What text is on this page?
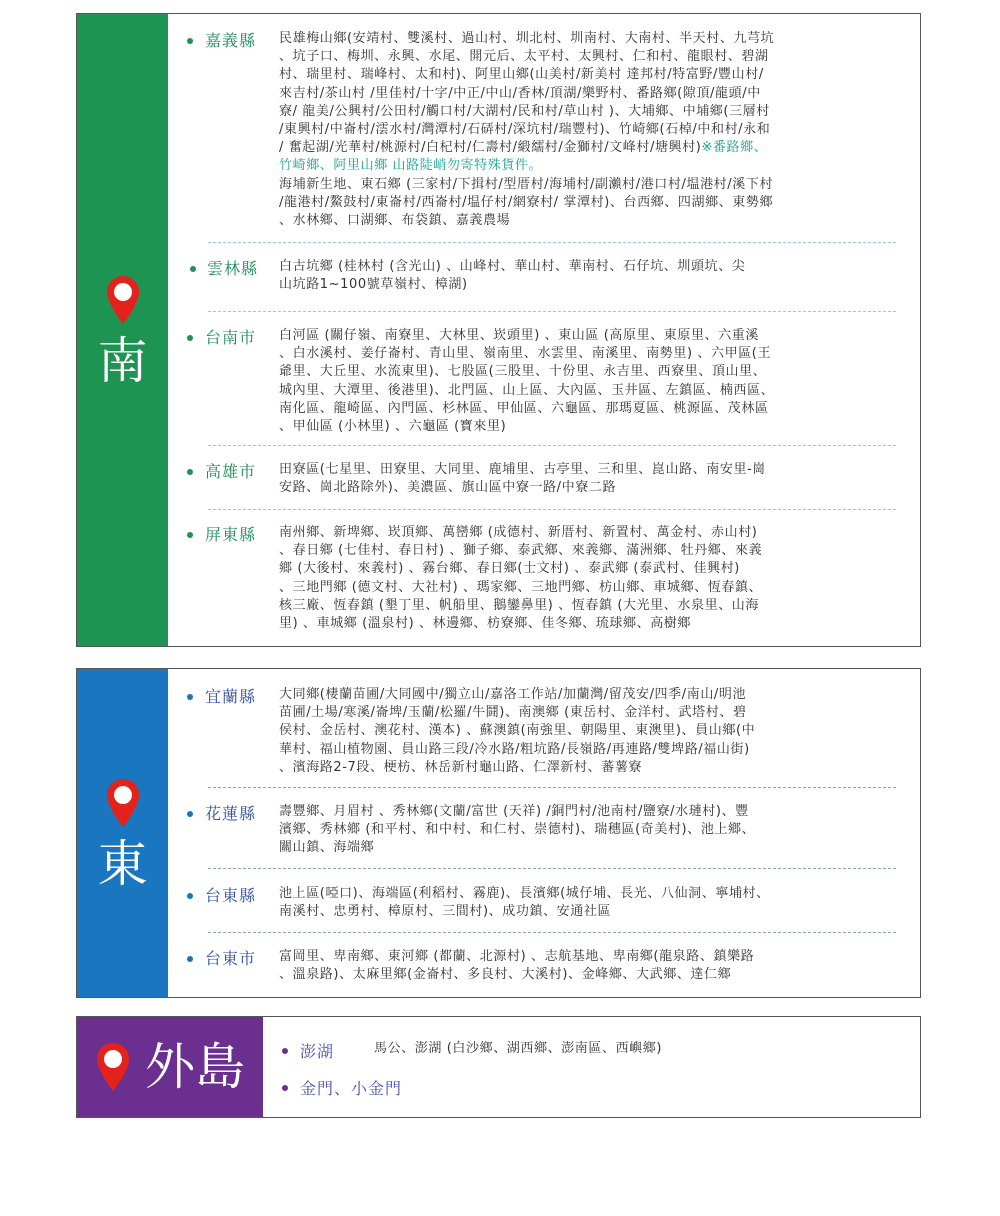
南
嘉義縣 民雄梅山鄉(安靖村、雙溪村、過山村、圳北村、圳南村、大南村、半天村、九芎坑
、坑子口、梅圳、永興、水尾、開元后、太平村、太興村、仁和村、龍眼村、碧湖
村、瑞里村、瑞峰村、太和村)、阿里山鄉(山美村/新美村 達邦村/特富野/豐山村/
來吉村/茶山村 /里佳村/十字/中正/中山/香林/頂湖/樂野村、番路鄉(隙頂/龍頭/中
寮/ 龍美/公興村/公田村/觸口村/大湖村/民和村/草山村 )、大埔鄉、中埔鄉(三層村
/東興村/中崙村/澐水村/灣潭村/石硦村/深坑村/瑞豐村)、竹崎鄉(石棹/中和村/永和
/ 奮起湖/光華村/桃源村/白杞村/仁壽村/緞繻村/金獅村/文峰村/塘興村)※番路鄉、
竹崎鄉、阿里山鄉 山路陡峭勿寄特殊貨件。
海埔新生地、東石鄉 (三家村/下揖村/型厝村/海埔村/副瀨村/港口村/塭港村/溪下村
/龍港村/鰲鼓村/東崙村/西崙村/塭仔村/網寮村/ 掌潭村)、台西鄉、四湖鄉、東勢鄉
、水林鄉、口湖鄉、布袋鎮、嘉義農場
雲林縣 白古坑鄉 (桂林村 (含光山) 、山峰村、華山村、華南村、石仔坑、圳頭坑、尖
山坑路1~100號草嶺村、樟湖)
台南市 白河區 (關仔嶺、南寮里、大林里、崁頭里) 、東山區 (高原里、東原里、六重溪
、白水溪村、姜仔崙村、青山里、嶺南里、水雲里、南溪里、南勢里) 、六甲區(王
爺里、大丘里、水流東里)、七股區(三股里、十份里、永吉里、西寮里、頂山里、
城內里、大潭里、後港里)、北門區、山上區、大內區、玉井區、左鎮區、楠西區、
南化區、龍崎區、內門區、杉林區、甲仙區、六龜區、那瑪夏區、桃源區、茂林區
、甲仙區 (小林里) 、六龜區 (寶來里)
高雄市 田寮區(七星里、田寮里、大同里、鹿埔里、古亭里、三和里、崑山路、南安里-崗
安路、崗北路除外)、美濃區、旗山區中寮一路/中寮二路
屏東縣 南州鄉、新埤鄉、崁頂鄉、萬巒鄉 (成德村、新厝村、新置村、萬金村、赤山村)
、春日鄉 (七佳村、春日村) 、獅子鄉、泰武鄉、來義鄉、滿洲鄉、牡丹鄉、來義
鄉 (大後村、來義村) 、霧台鄉、春日鄉(士文村) 、泰武鄉 (泰武村、佳興村)
、三地門鄉 (德文村、大社村) 、瑪家鄉、三地門鄉、枋山鄉、車城鄉、恆春鎮、
核三廠、恆春鎮 (墾丁里、帆船里、鵝鑾鼻里) 、恆春鎮 (大光里、水泉里、山海
里) 、車城鄉 (溫泉村) 、林邊鄉、枋寮鄉、佳冬鄉、琉球鄉、高樹鄉
東
宜蘭縣 大同鄉(棲蘭苗圃/大同國中/獨立山/嘉洛工作站/加蘭灣/留茂安/四季/南山/明池
苗圃/土場/寒溪/崙埤/玉蘭/松羅/牛鬪)、南澳鄉 (東岳村、金洋村、武塔村、碧
侯村、金岳村、澳花村、漢本) 、蘇澳鎮(南強里、朝陽里、東澳里)、員山鄉(中
華村、福山植物園、員山路三段/冷水路/粗坑路/長嶺路/再連路/雙埤路/福山街)
、濱海路2-7段、梗枋、林岳新村龜山路、仁澤新村、蕃薯寮
花蓮縣 壽豐鄉、月眉村 、秀林鄉(文蘭/富世 (天祥) /銅門村/池南村/鹽寮/水璉村)、豐
濱鄉、秀林鄉 (和平村、和中村、和仁村、崇德村)、瑞穗區(奇美村)、池上鄉、
關山鎮、海端鄉
台東縣 池上區(啞口)、海端區(利稻村、霧鹿)、長濱鄉(城仔埔、長光、八仙洞、寧埔村、
南溪村、忠勇村、樟原村、三間村)、成功鎮、安通社區
台東市 富岡里、卑南鄉、東河鄉 (都蘭、北源村) 、志航基地、卑南鄉(龍泉路、鎮樂路
、溫泉路)、太麻里鄉(金崙村、多良村、大溪村)、金峰鄉、大武鄉、達仁鄉
外島	澎湖	馬公、澎湖 (白沙鄉、湖西鄉、澎南區、西嶼鄉)
金門、小金門
